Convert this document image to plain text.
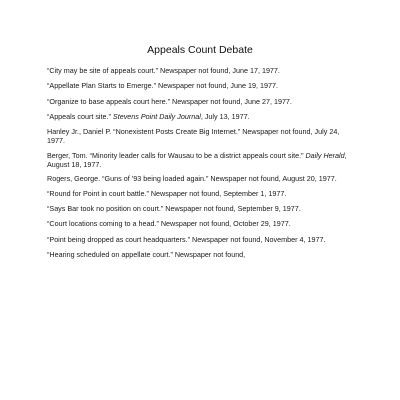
Appeals Count Debate

“City may be site of appeals court.” Newspaper not found, June 17, 1977.

“Appellate Plan Starts to Emerge.” Newspaper not found, June 19, 1977.

“Organize to base appeals court here.” Newspaper not found, June 27, 1977.

“Appeals court site.” Stevens Point Daily Journal, July 13, 1977.

Hanley Jr., Daniel P. “Nonexistent Posts Create Big Internet.” Newspaper not found, July 24, 1977.

Berger, Tom. “Minority leader calls for Wausau to be a district appeals court site.” Daily Herald, August 18, 1977.

Rogers, George. “Guns of ’93 being loaded again.” Newspaper not found, August 20, 1977.

“Round for Point in court battle.” Newspaper not found, September 1, 1977.

“Says Bar took no position on court.” Newspaper not found, September 9, 1977.

“Court locations coming to a head.” Newspaper not found, October 29, 1977.

“Point being dropped as court headquarters.” Newspaper not found, November 4, 1977.

“Hearing scheduled on appellate court.” Newspaper not found,
